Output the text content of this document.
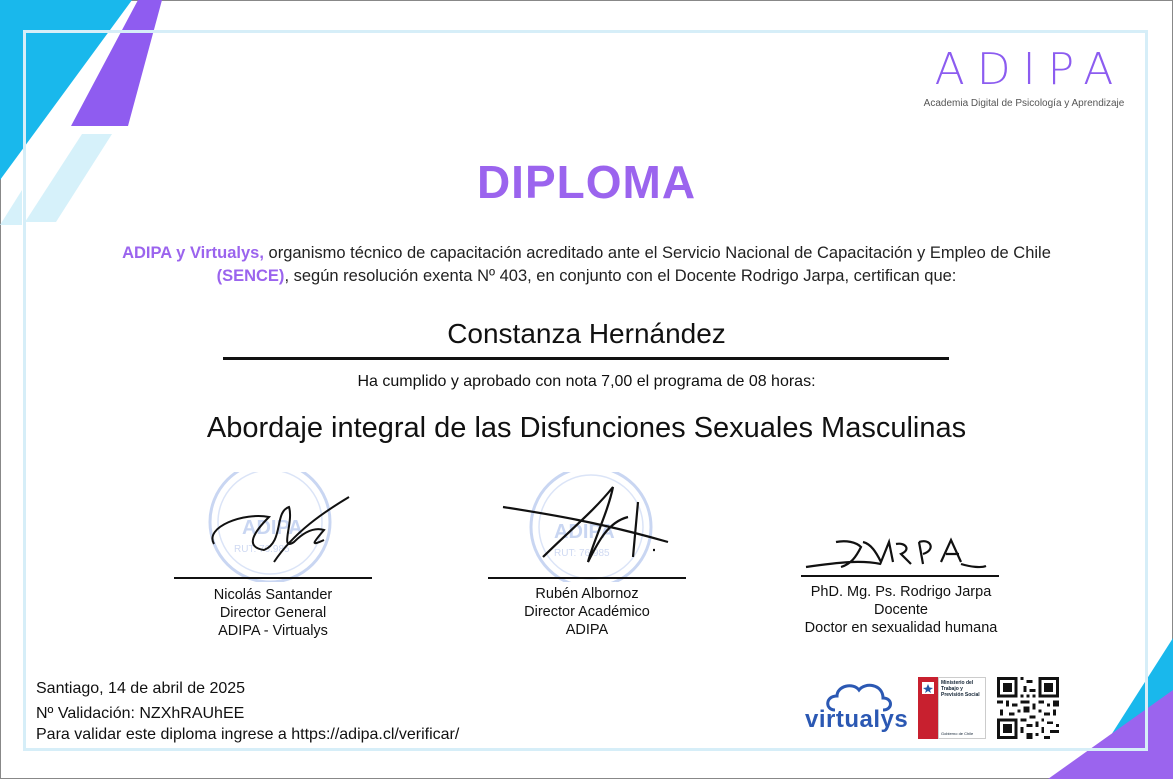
ADIPA
Academia Digital de Psicología y Aprendizaje
DIPLOMA
ADIPA y Virtualys, organismo técnico de capacitación acreditado ante el Servicio Nacional de Capacitación y Empleo de Chile (SENCE), según resolución exenta Nº 403, en conjunto con el Docente Rodrigo Jarpa, certifican que:
Constanza Hernández
Ha cumplido y aprobado con nota 7,00 el programa de 08 horas:
Abordaje integral de las Disfunciones Sexuales Masculinas
ADIPA
RUT: 76.985
Nicolás Santander
Director General
ADIPA - Virtualys
ADIPA
RUT: 76.985
Rubén Albornoz
Director Académico
ADIPA
PhD. Mg. Ps. Rodrigo Jarpa
Docente
Doctor en sexualidad humana
Santiago, 14 de abril de 2025
Nº Validación: NZXhRAUhEE
Para validar este diploma ingrese a https://adipa.cl/verificar/
virtualys
Ministerio del Trabajo y Previsión Social
Gobierno de Chile
